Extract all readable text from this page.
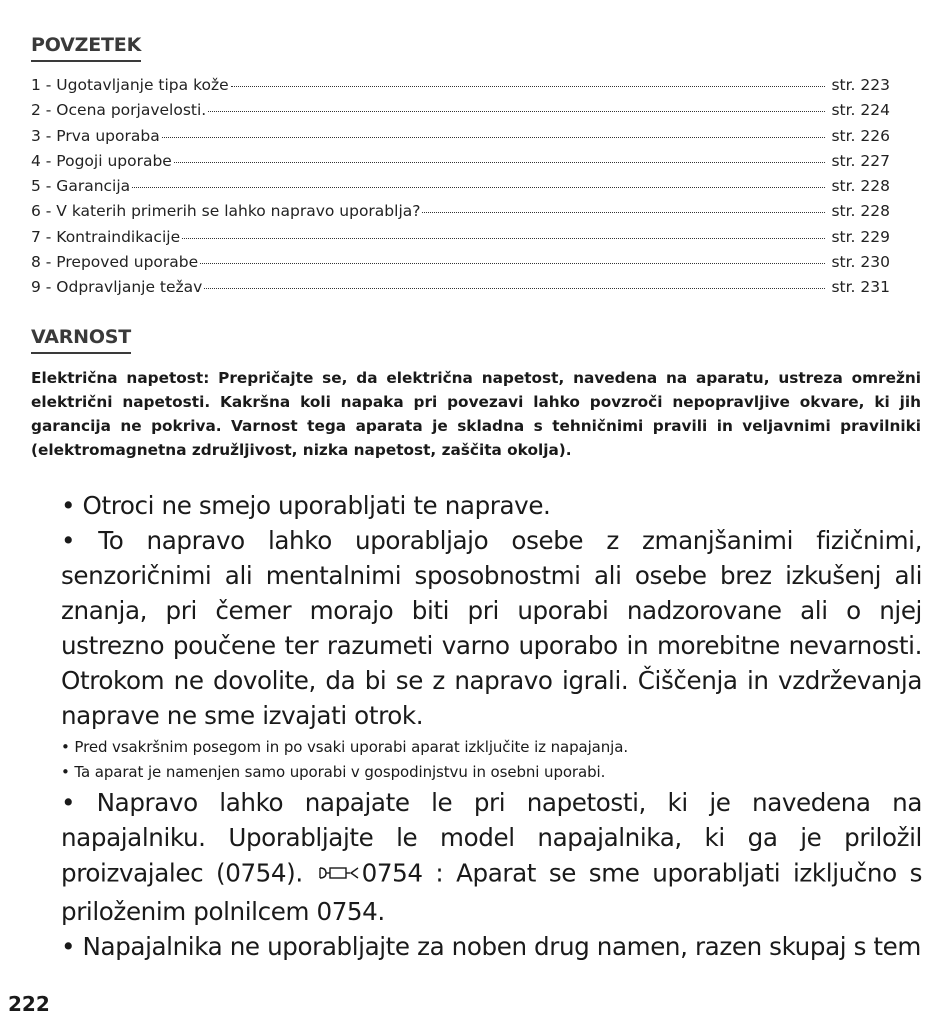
POVZETEK
1 - Ugotavljanje tipa kože	str. 223
2 - Ocena porjavelosti.	str. 224
3 - Prva uporaba	str. 226
4 - Pogoji uporabe	str. 227
5 - Garancija	str. 228
6 - V katerih primerih se lahko napravo uporablja?	str. 228
7 - Kontraindikacije	str. 229
8 - Prepoved uporabe	str. 230
9 - Odpravljanje težav	str. 231
VARNOST

Električna napetost: Prepričajte se, da električna napetost, navedena na aparatu, ustreza omrežni električni napetosti. Kakršna koli napaka pri povezavi lahko povzroči nepopravljive okvare, ki jih garancija ne pokriva. Varnost tega aparata je skladna s tehničnimi pravili in veljavnimi pravilniki (elektromagnetna združljivost, nizka napetost, zaščita okolja).

• Otroci ne smejo uporabljati te naprave.

• To napravo lahko uporabljajo osebe z zmanjšanimi fizičnimi, senzoričnimi ali mentalnimi sposobnostmi ali osebe brez izkušenj ali znanja, pri čemer morajo biti pri uporabi nadzorovane ali o njej ustrezno poučene ter razumeti varno uporabo in morebitne nevarnosti. Otrokom ne dovolite, da bi se z napravo igrali. Čiščenja in vzdrževanja naprave ne sme izvajati otrok.

• Pred vsakršnim posegom in po vsaki uporabi aparat izključite iz napajanja.

• Ta aparat je namenjen samo uporabi v gospodinjstvu in osebni uporabi.

• Napravo lahko napajate le pri napetosti, ki je navedena na napajalniku. Uporabljajte le model napajalnika, ki ga je priložil proizvajalec (0754). 0754 : Aparat se sme uporabljati izključno s priloženim polnilcem 0754.

• Napajalnika ne uporabljajte za noben drug namen, razen skupaj s tem

222
